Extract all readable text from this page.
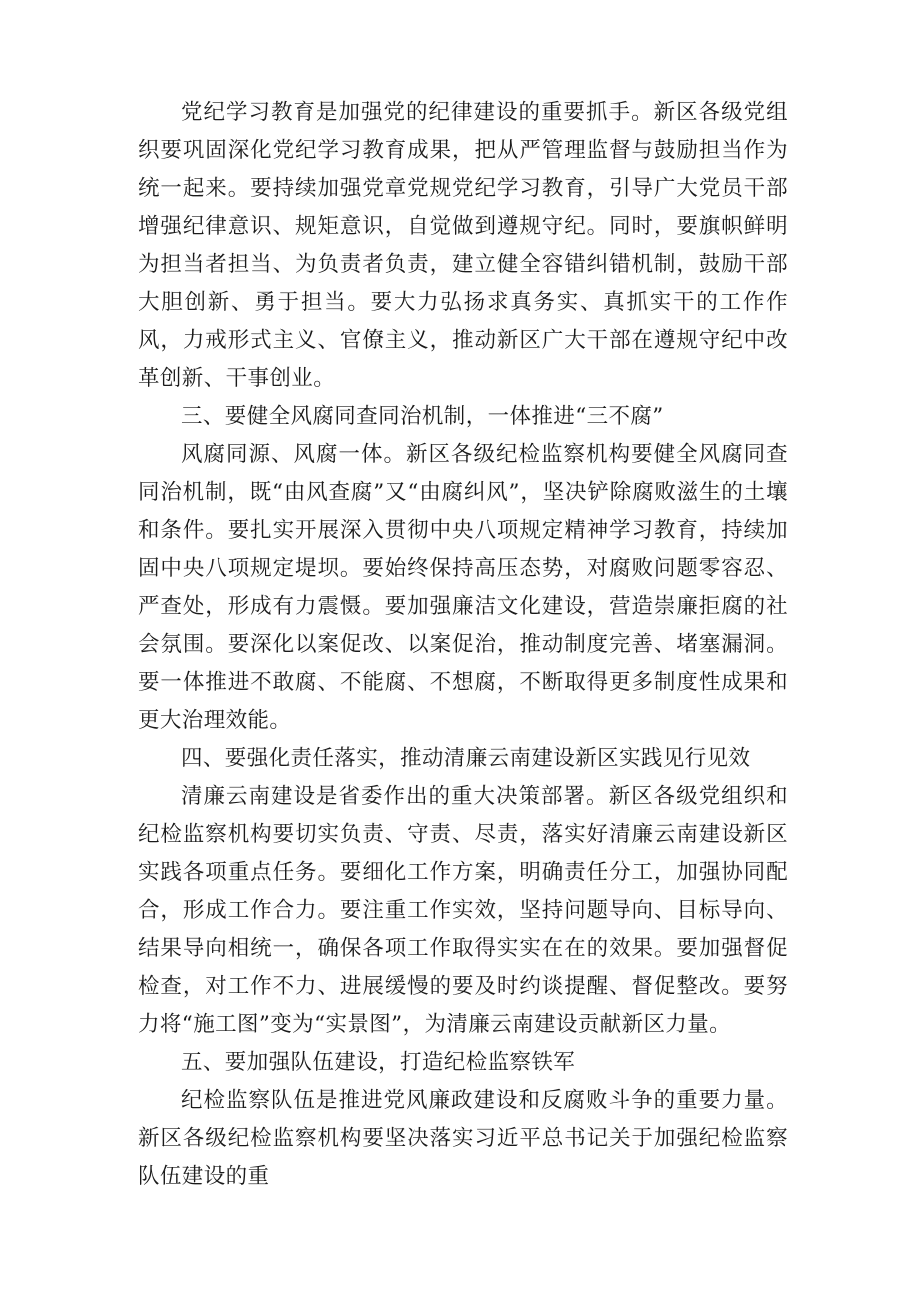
党纪学习教育是加强党的纪律建设的重要抓手。新区各级党组织要巩固深化党纪学习教育成果，把从严管理监督与鼓励担当作为统一起来。要持续加强党章党规党纪学习教育，引导广大党员干部增强纪律意识、规矩意识，自觉做到遵规守纪。同时，要旗帜鲜明为担当者担当、为负责者负责，建立健全容错纠错机制，鼓励干部大胆创新、勇于担当。要大力弘扬求真务实、真抓实干的工作作风，力戒形式主义、官僚主义，推动新区广大干部在遵规守纪中改革创新、干事创业。

三、要健全风腐同查同治机制，一体推进“三不腐”

风腐同源、风腐一体。新区各级纪检监察机构要健全风腐同查同治机制，既“由风查腐”又“由腐纠风”，坚决铲除腐败滋生的土壤和条件。要扎实开展深入贯彻中央八项规定精神学习教育，持续加固中央八项规定堤坝。要始终保持高压态势，对腐败问题零容忍、严查处，形成有力震慑。要加强廉洁文化建设，营造崇廉拒腐的社会氛围。要深化以案促改、以案促治，推动制度完善、堵塞漏洞。要一体推进不敢腐、不能腐、不想腐，不断取得更多制度性成果和更大治理效能。

四、要强化责任落实，推动清廉云南建设新区实践见行见效

清廉云南建设是省委作出的重大决策部署。新区各级党组织和纪检监察机构要切实负责、守责、尽责，落实好清廉云南建设新区实践各项重点任务。要细化工作方案，明确责任分工，加强协同配合，形成工作合力。要注重工作实效，坚持问题导向、目标导向、结果导向相统一，确保各项工作取得实实在在的效果。要加强督促检查，对工作不力、进展缓慢的要及时约谈提醒、督促整改。要努力将“施工图”变为“实景图”，为清廉云南建设贡献新区力量。

五、要加强队伍建设，打造纪检监察铁军

纪检监察队伍是推进党风廉政建设和反腐败斗争的重要力量。新区各级纪检监察机构要坚决落实习近平总书记关于加强纪检监察队伍建设的重
